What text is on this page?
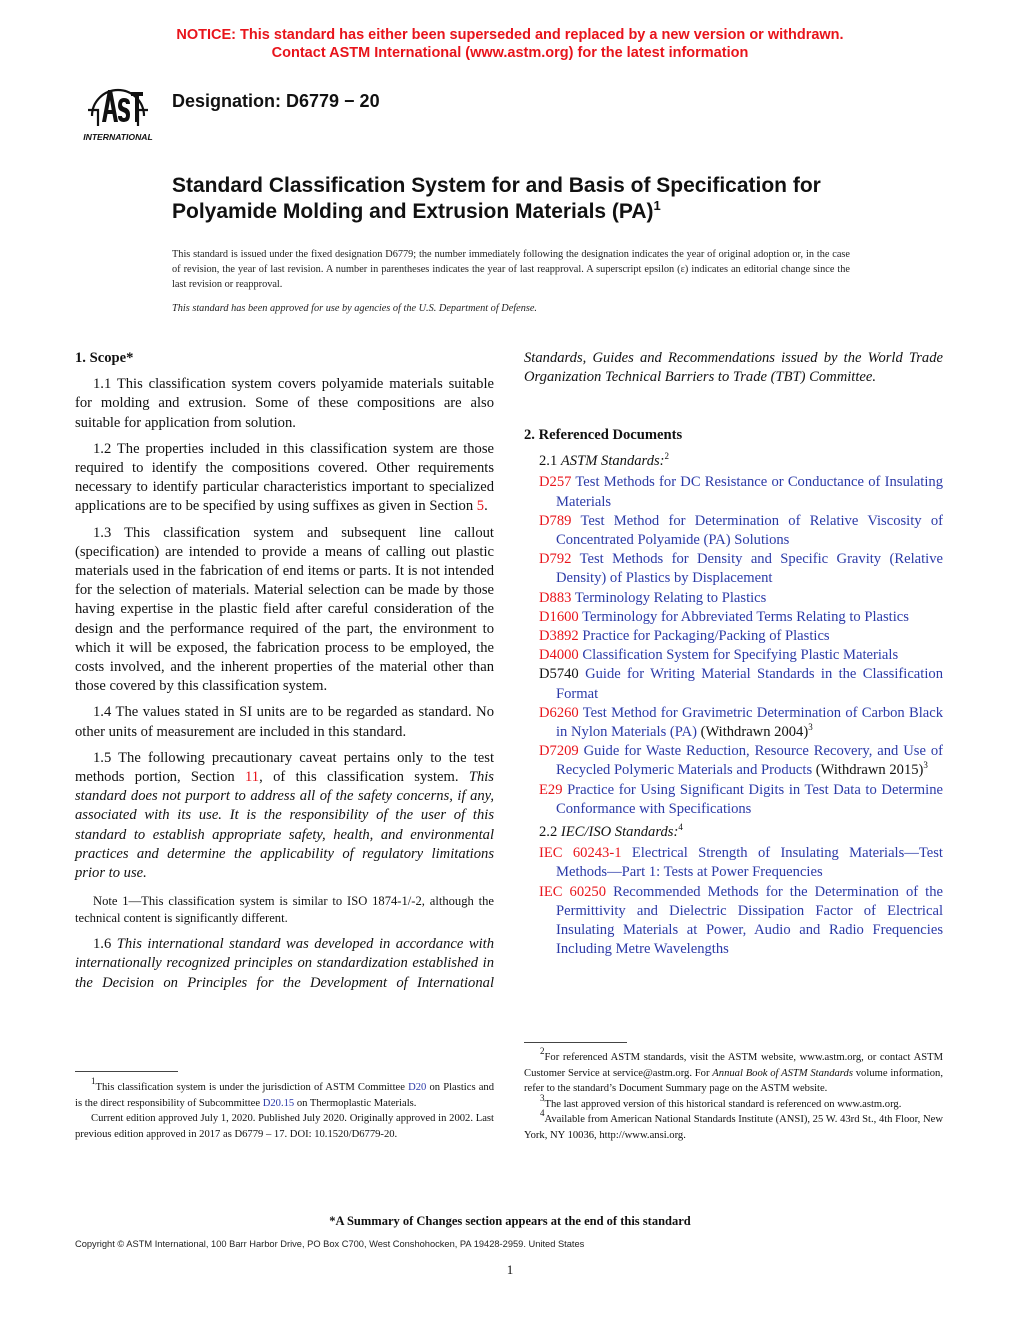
NOTICE: This standard has either been superseded and replaced by a new version or withdrawn.
Contact ASTM International (www.astm.org) for the latest information
INTERNATIONAL
Designation: D6779 − 20
Standard Classification System for and Basis of Specification for
Polyamide Molding and Extrusion Materials (PA)$^1$
This standard is issued under the fixed designation D6779; the number immediately following the designation indicates the year of original adoption or, in the case of revision, the year of last revision. A number in parentheses indicates the year of last reapproval. A superscript epsilon (ε) indicates an editorial change since the last revision or reapproval.
This standard has been approved for use by agencies of the U.S. Department of Defense.

1. Scope*

1.1 This classification system covers polyamide materials suitable for molding and extrusion. Some of these compositions are also suitable for application from solution.

1.2 The properties included in this classification system are those required to identify the compositions covered. Other requirements necessary to identify particular characteristics important to specialized applications are to be specified by using suffixes as given in Section 5.

1.3 This classification system and subsequent line callout (specification) are intended to provide a means of calling out plastic materials used in the fabrication of end items or parts. It is not intended for the selection of materials. Material selection can be made by those having expertise in the plastic field after careful consideration of the design and the performance required of the part, the environment to which it will be exposed, the fabrication process to be employed, the costs involved, and the inherent properties of the material other than those covered by this classification system.

1.4 The values stated in SI units are to be regarded as standard. No other units of measurement are included in this standard.

1.5 The following precautionary caveat pertains only to the test methods portion, Section 11, of this classification system. This standard does not purport to address all of the safety concerns, if any, associated with its use. It is the responsibility of the user of this standard to establish appropriate safety, health, and environmental practices and determine the applicability of regulatory limitations prior to use.

Note 1—This classification system is similar to ISO 1874-1/-2, although the technical content is significantly different.

1.6 This international standard was developed in accordance with internationally recognized principles on standardization established in the Decision on Principles for the Development of International

Standards, Guides and Recommendations issued by the World Trade Organization Technical Barriers to Trade (TBT) Committee.

2. Referenced Documents

2.1 ASTM Standards:$^2$

D257 Test Methods for DC Resistance or Conductance of Insulating Materials

D789 Test Method for Determination of Relative Viscosity of Concentrated Polyamide (PA) Solutions

D792 Test Methods for Density and Specific Gravity (Relative Density) of Plastics by Displacement

D883 Terminology Relating to Plastics

D1600 Terminology for Abbreviated Terms Relating to Plastics

D3892 Practice for Packaging/Packing of Plastics

D4000 Classification System for Specifying Plastic Materials

D5740 Guide for Writing Material Standards in the Classification Format

D6260 Test Method for Gravimetric Determination of Carbon Black in Nylon Materials (PA) (Withdrawn 2004)$^3$

D7209 Guide for Waste Reduction, Resource Recovery, and Use of Recycled Polymeric Materials and Products (Withdrawn 2015)$^3$

E29 Practice for Using Significant Digits in Test Data to Determine Conformance with Specifications

2.2 IEC/ISO Standards:$^4$

IEC 60243-1 Electrical Strength of Insulating Materials—Test Methods—Part 1: Tests at Power Frequencies

IEC 60250 Recommended Methods for the Determination of the Permittivity and Dielectric Dissipation Factor of Electrical Insulating Materials at Power, Audio and Radio Frequencies Including Metre Wavelengths

$^1$This classification system is under the jurisdiction of ASTM Committee D20 on Plastics and is the direct responsibility of Subcommittee D20.15 on Thermoplastic Materials.

Current edition approved July 1, 2020. Published July 2020. Originally approved in 2002. Last previous edition approved in 2017 as D6779 – 17. DOI: 10.1520/D6779-20.

$^2$For referenced ASTM standards, visit the ASTM website, www.astm.org, or contact ASTM Customer Service at service@astm.org. For Annual Book of ASTM Standards volume information, refer to the standard’s Document Summary page on the ASTM website.

$^3$The last approved version of this historical standard is referenced on www.astm.org.

$^4$Available from American National Standards Institute (ANSI), 25 W. 43rd St., 4th Floor, New York, NY 10036, http://www.ansi.org.

*A Summary of Changes section appears at the end of this standard
Copyright © ASTM International, 100 Barr Harbor Drive, PO Box C700, West Conshohocken, PA 19428-2959. United States
1
